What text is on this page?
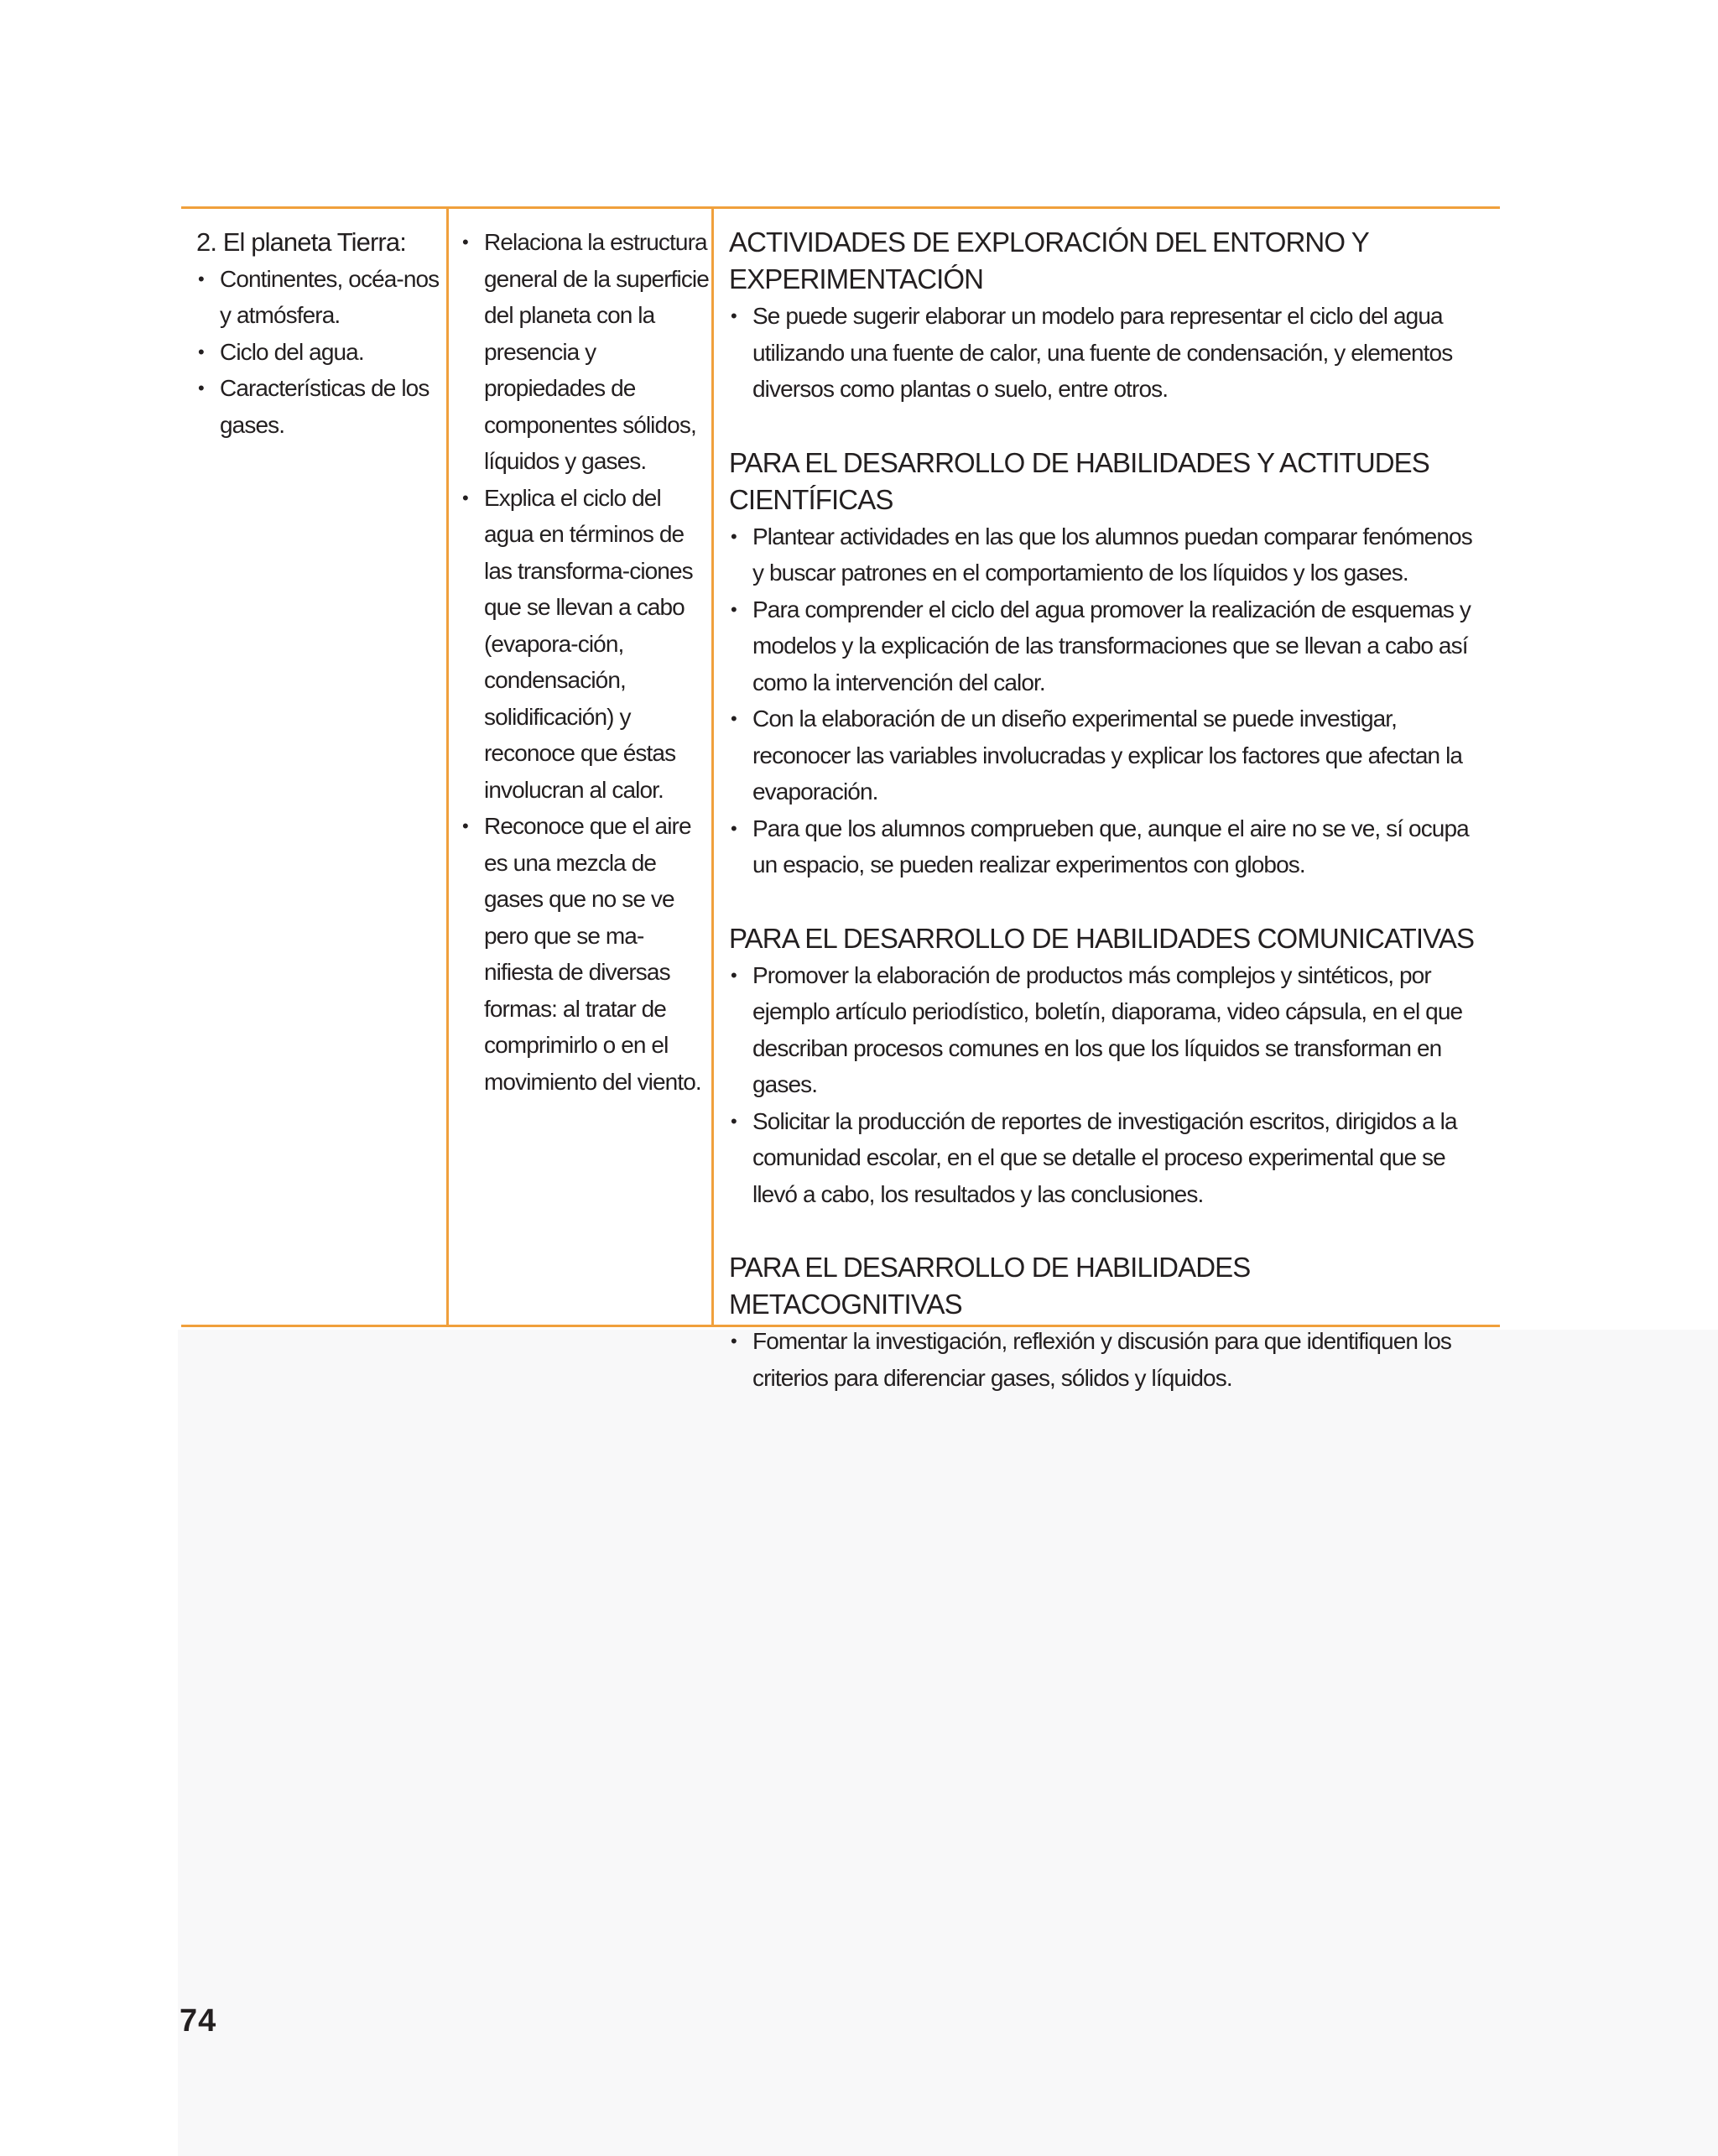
2. El planeta Tierra:
• Continentes, océa-nos y atmósfera.
• Ciclo del agua.
• Características de los gases.
• Relaciona la estructura general de la superficie del planeta con la presencia y propiedades de componentes sólidos, líquidos y gases.
• Explica el ciclo del agua en términos de las transforma-ciones que se llevan a cabo (evapora-ción, condensación, solidificación) y reconoce que éstas involucran al calor.
• Reconoce que el aire es una mezcla de gases que no se ve pero que se ma-nifiesta de diversas formas: al tratar de comprimirlo o en el movimiento del viento.
ACTIVIDADES DE EXPLORACIÓN DEL ENTORNO Y EXPERIMENTACIÓN
• Se puede sugerir elaborar un modelo para representar el ciclo del agua utilizando una fuente de calor, una fuente de condensación, y elementos diversos como plantas o suelo, entre otros.
PARA EL DESARROLLO DE HABILIDADES Y ACTITUDES CIENTÍFICAS
• Plantear actividades en las que los alumnos puedan comparar fenómenos y buscar patrones en el comportamiento de los líquidos y los gases.
• Para comprender el ciclo del agua promover la realización de esquemas y modelos y la explicación de las transformaciones que se llevan a cabo así como la intervención del calor.
• Con la elaboración de un diseño experimental se puede investigar, reconocer las variables involucradas y explicar los factores que afectan la evaporación.
• Para que los alumnos comprueben que, aunque el aire no se ve, sí ocupa un espacio, se pueden realizar experimentos con globos.
PARA EL DESARROLLO DE HABILIDADES COMUNICATIVAS
• Promover la elaboración de productos más complejos y sintéticos, por ejemplo artículo periodístico, boletín, diaporama, video cápsula, en el que describan procesos comunes en los que los líquidos se transforman en gases.
• Solicitar la producción de reportes de investigación escritos, dirigidos a la comunidad escolar, en el que se detalle el proceso experimental que se llevó a cabo, los resultados y las conclusiones.
PARA EL DESARROLLO DE HABILIDADES METACOGNITIVAS
• Fomentar la investigación, reflexión y discusión para que identifiquen los criterios para diferenciar gases, sólidos y líquidos.
74
